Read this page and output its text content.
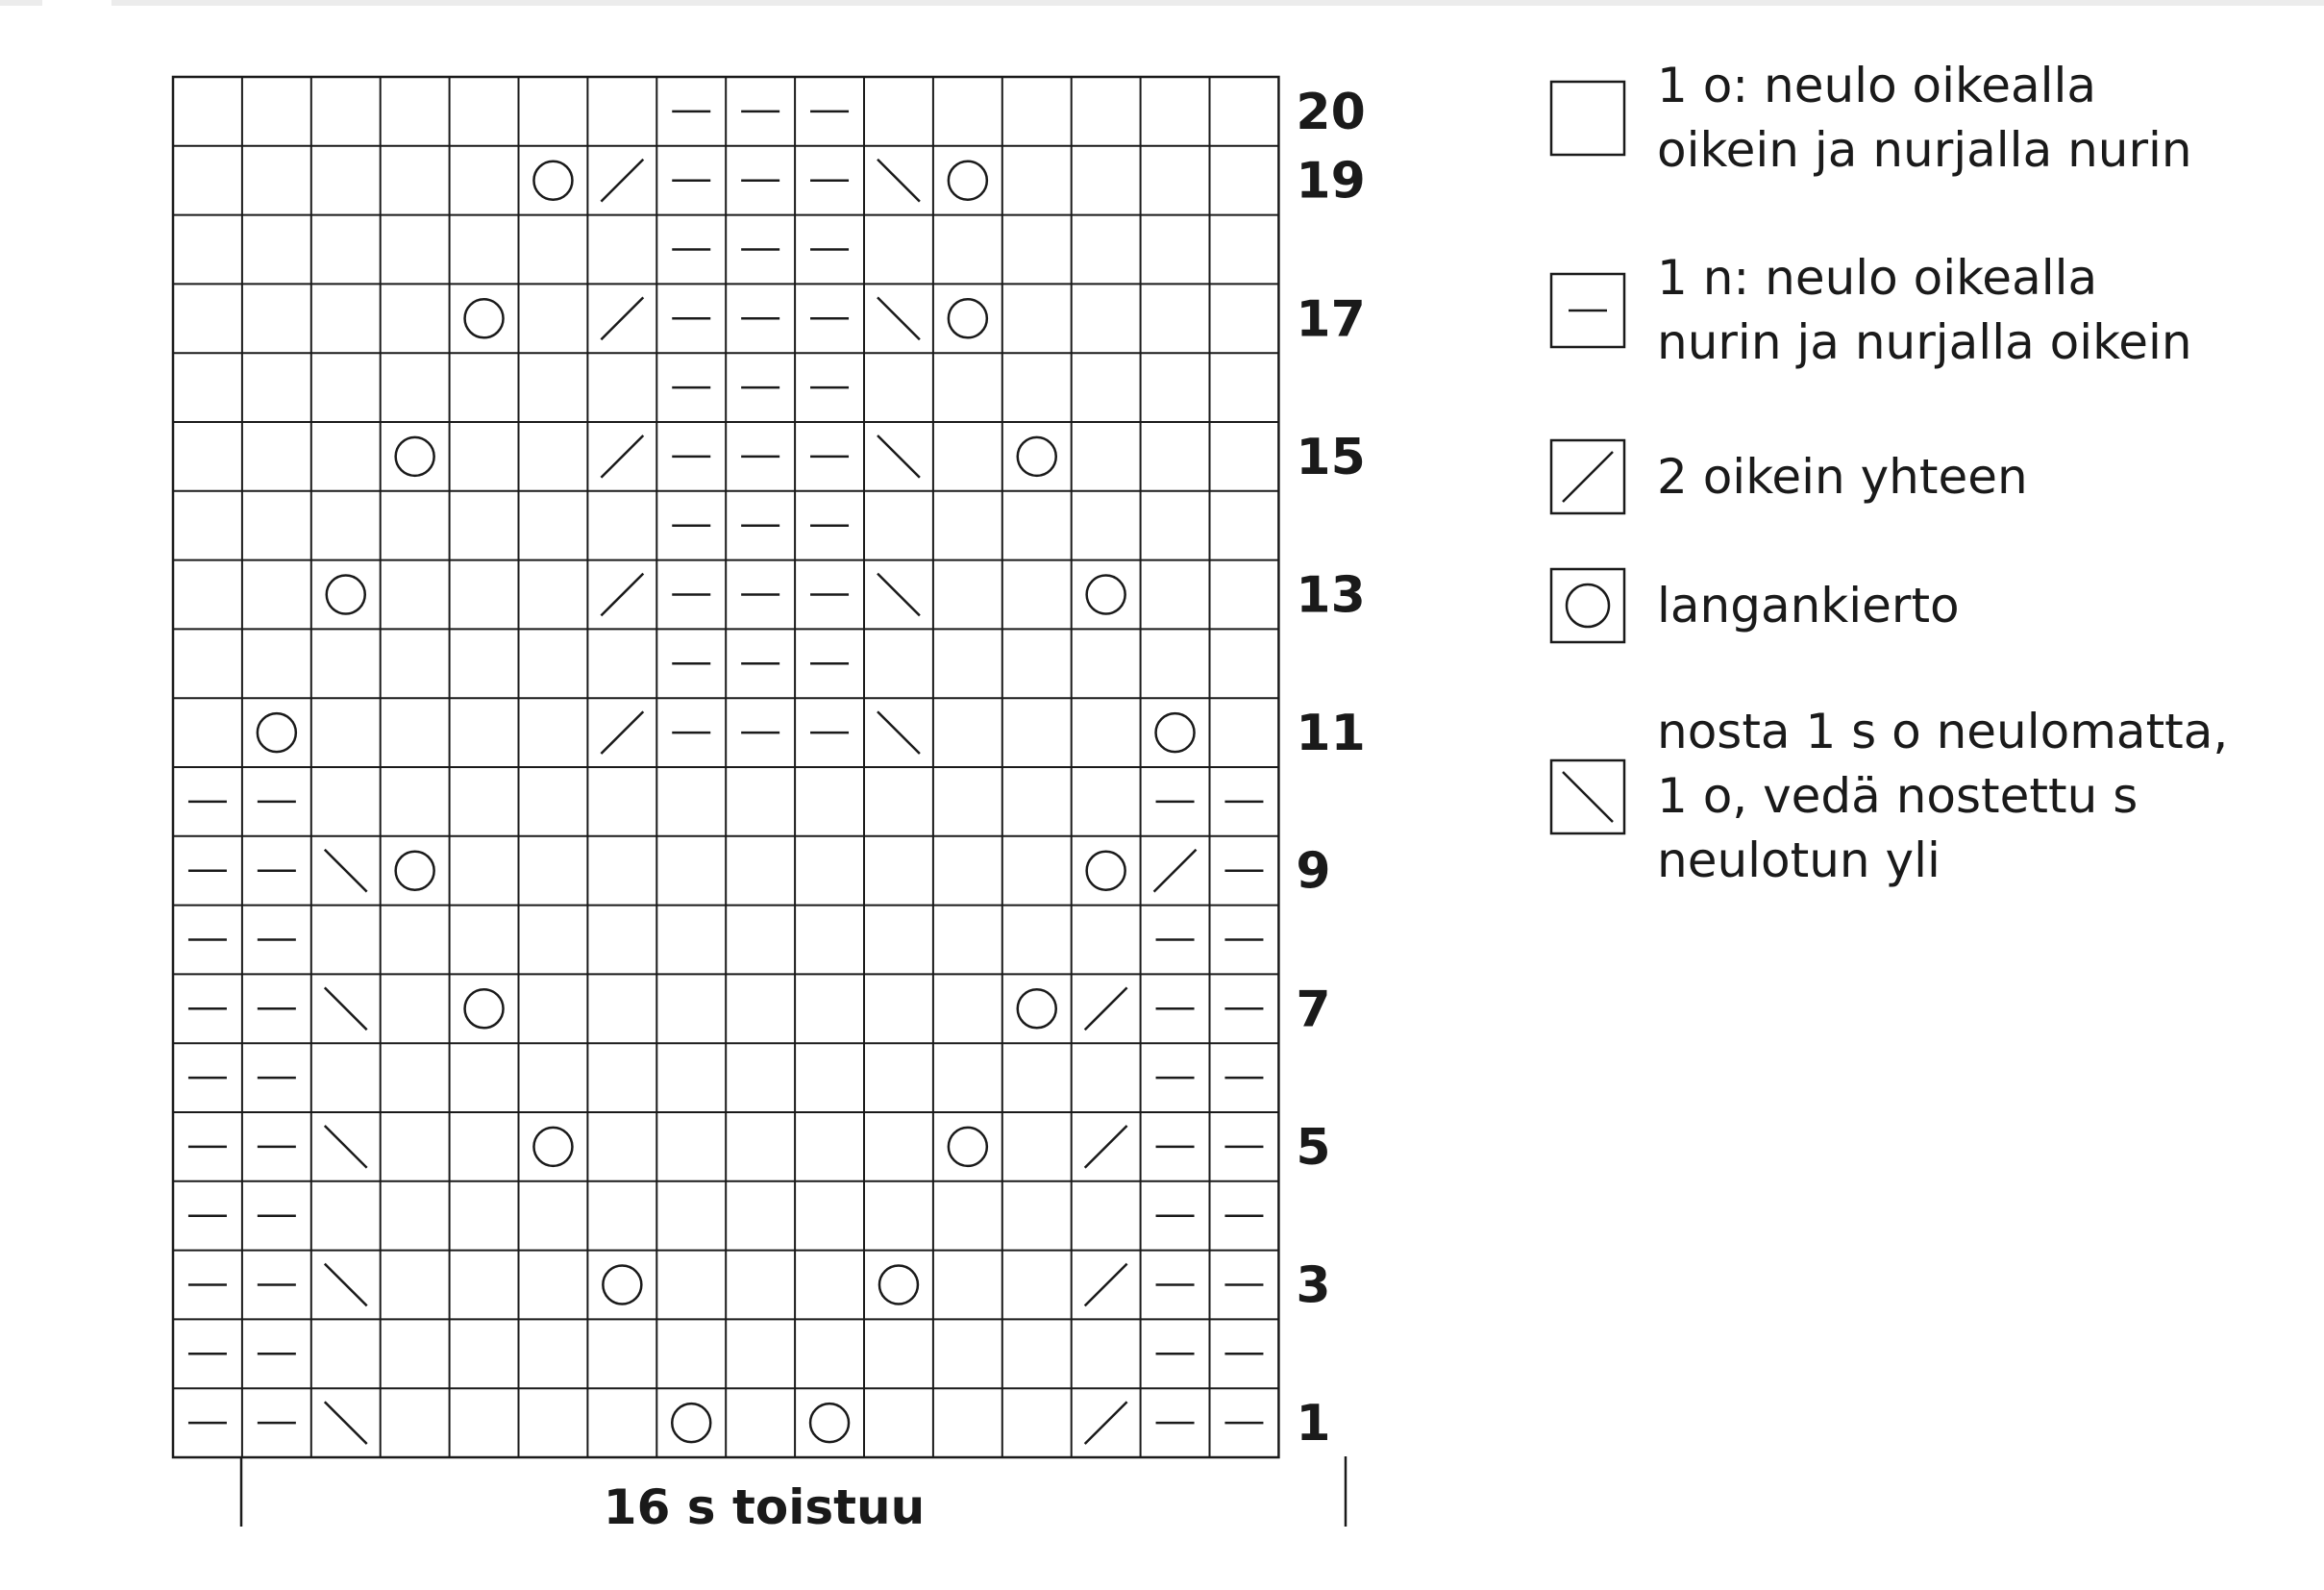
20
19
17
15
13
11
9
7
5
3
1
16 s toistuu
1 o: neulo oikealla
oikein ja nurjalla nurin
1 n: neulo oikealla
nurin ja nurjalla oikein
2 oikein yhteen
langankierto
nosta 1 s o neulomatta,
1 o, vedä nostettu s
neulotun yli
